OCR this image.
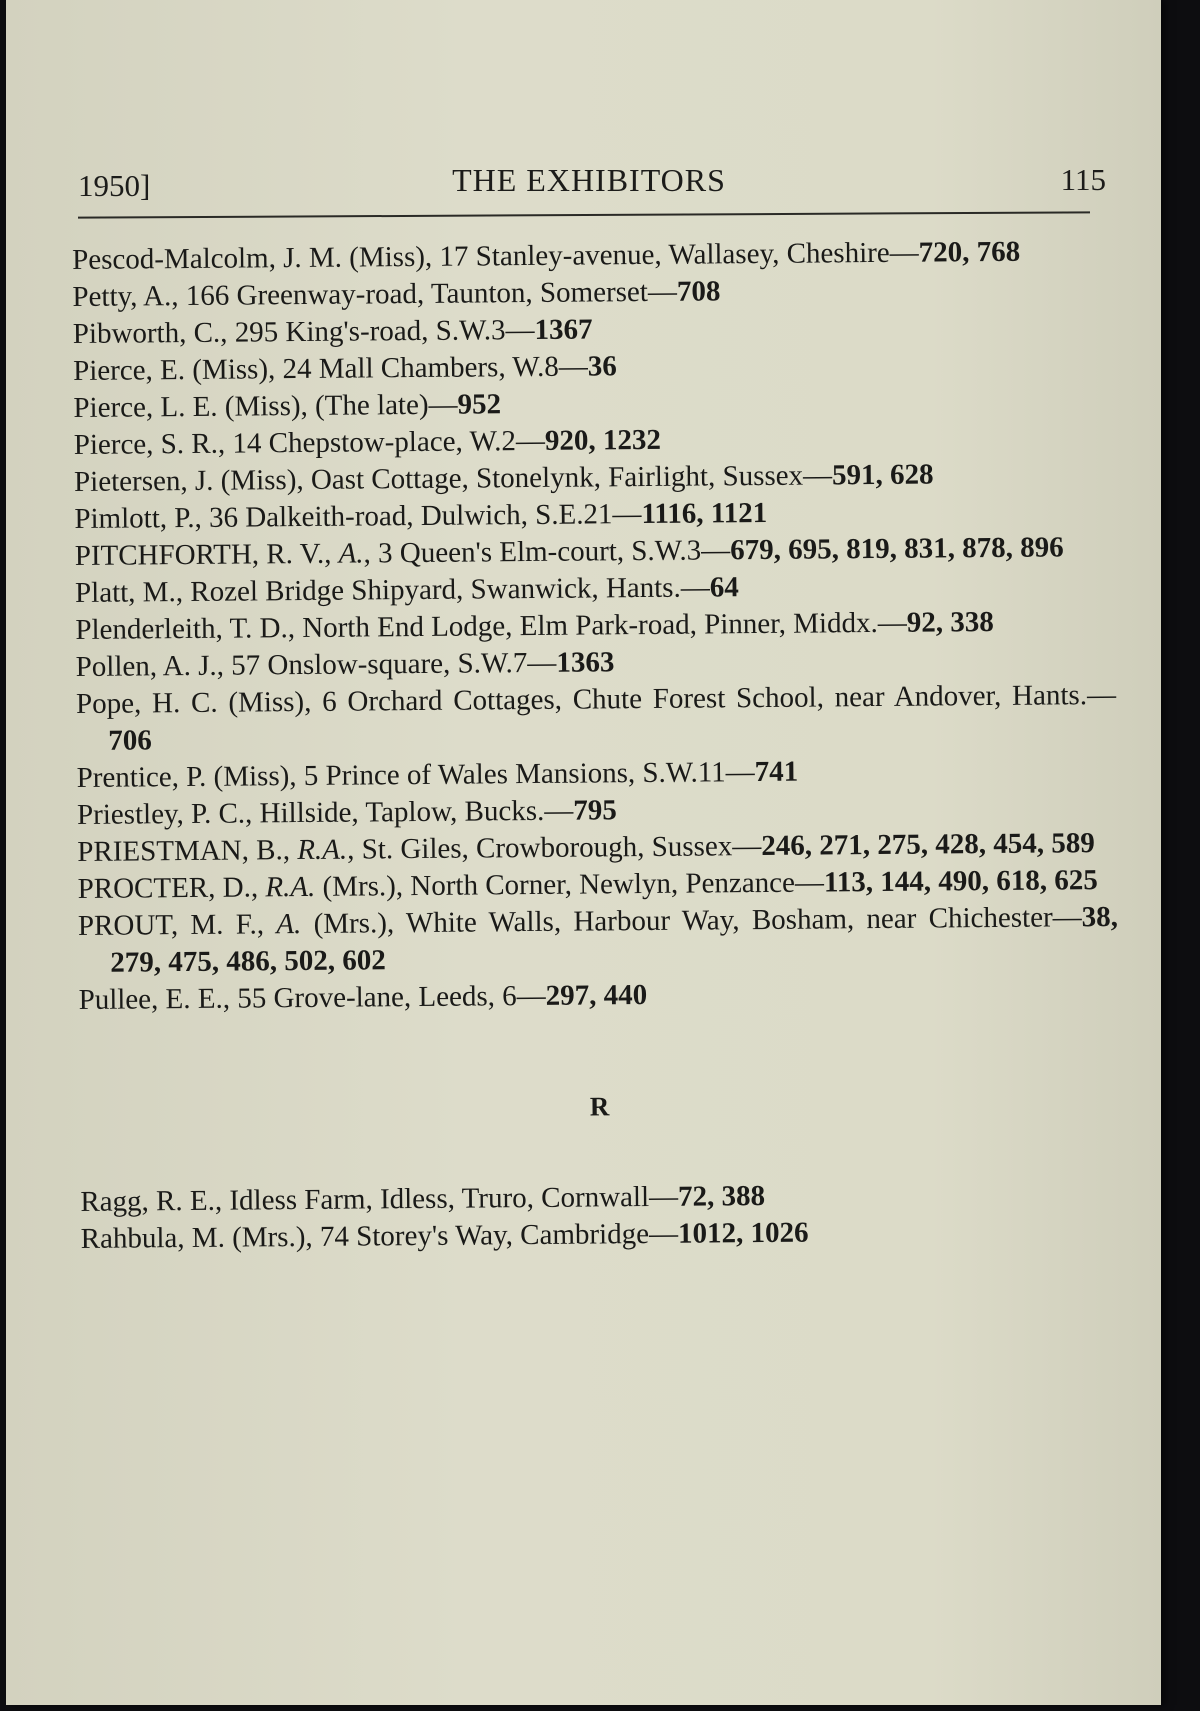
1950]	THE EXHIBITORS	115

Pescod-Malcolm, J. M. (Miss), 17 Stanley-avenue, Wallasey, Cheshire—720, 768

Petty, A., 166 Greenway-road, Taunton, Somerset—708

Pibworth, C., 295 King's-road, S.W.3—1367

Pierce, E. (Miss), 24 Mall Chambers, W.8—36

Pierce, L. E. (Miss), (The late)—952

Pierce, S. R., 14 Chepstow-place, W.2—920, 1232

Pietersen, J. (Miss), Oast Cottage, Stonelynk, Fairlight, Sussex—591, 628

Pimlott, P., 36 Dalkeith-road, Dulwich, S.E.21—1116, 1121

PITCHFORTH, R. V., A., 3 Queen's Elm-court, S.W.3—679, 695, 819, 831, 878, 896

Platt, M., Rozel Bridge Shipyard, Swanwick, Hants.—64

Plenderleith, T. D., North End Lodge, Elm Park-road, Pinner, Middx.—92, 338

Pollen, A. J., 57 Onslow-square, S.W.7—1363

Pope, H. C. (Miss), 6 Orchard Cottages, Chute Forest School, near Andover, Hants.—706

Prentice, P. (Miss), 5 Prince of Wales Mansions, S.W.11—741

Priestley, P. C., Hillside, Taplow, Bucks.—795

PRIESTMAN, B., R.A., St. Giles, Crowborough, Sussex—246, 271, 275, 428, 454, 589

PROCTER, D., R.A. (Mrs.), North Corner, Newlyn, Penzance—113, 144, 490, 618, 625

PROUT, M. F., A. (Mrs.), White Walls, Harbour Way, Bosham, near Chichester—38, 279, 475, 486, 502, 602

Pullee, E. E., 55 Grove-lane, Leeds, 6—297, 440

R

Ragg, R. E., Idless Farm, Idless, Truro, Cornwall—72, 388

Rahbula, M. (Mrs.), 74 Storey's Way, Cambridge—1012, 1026
